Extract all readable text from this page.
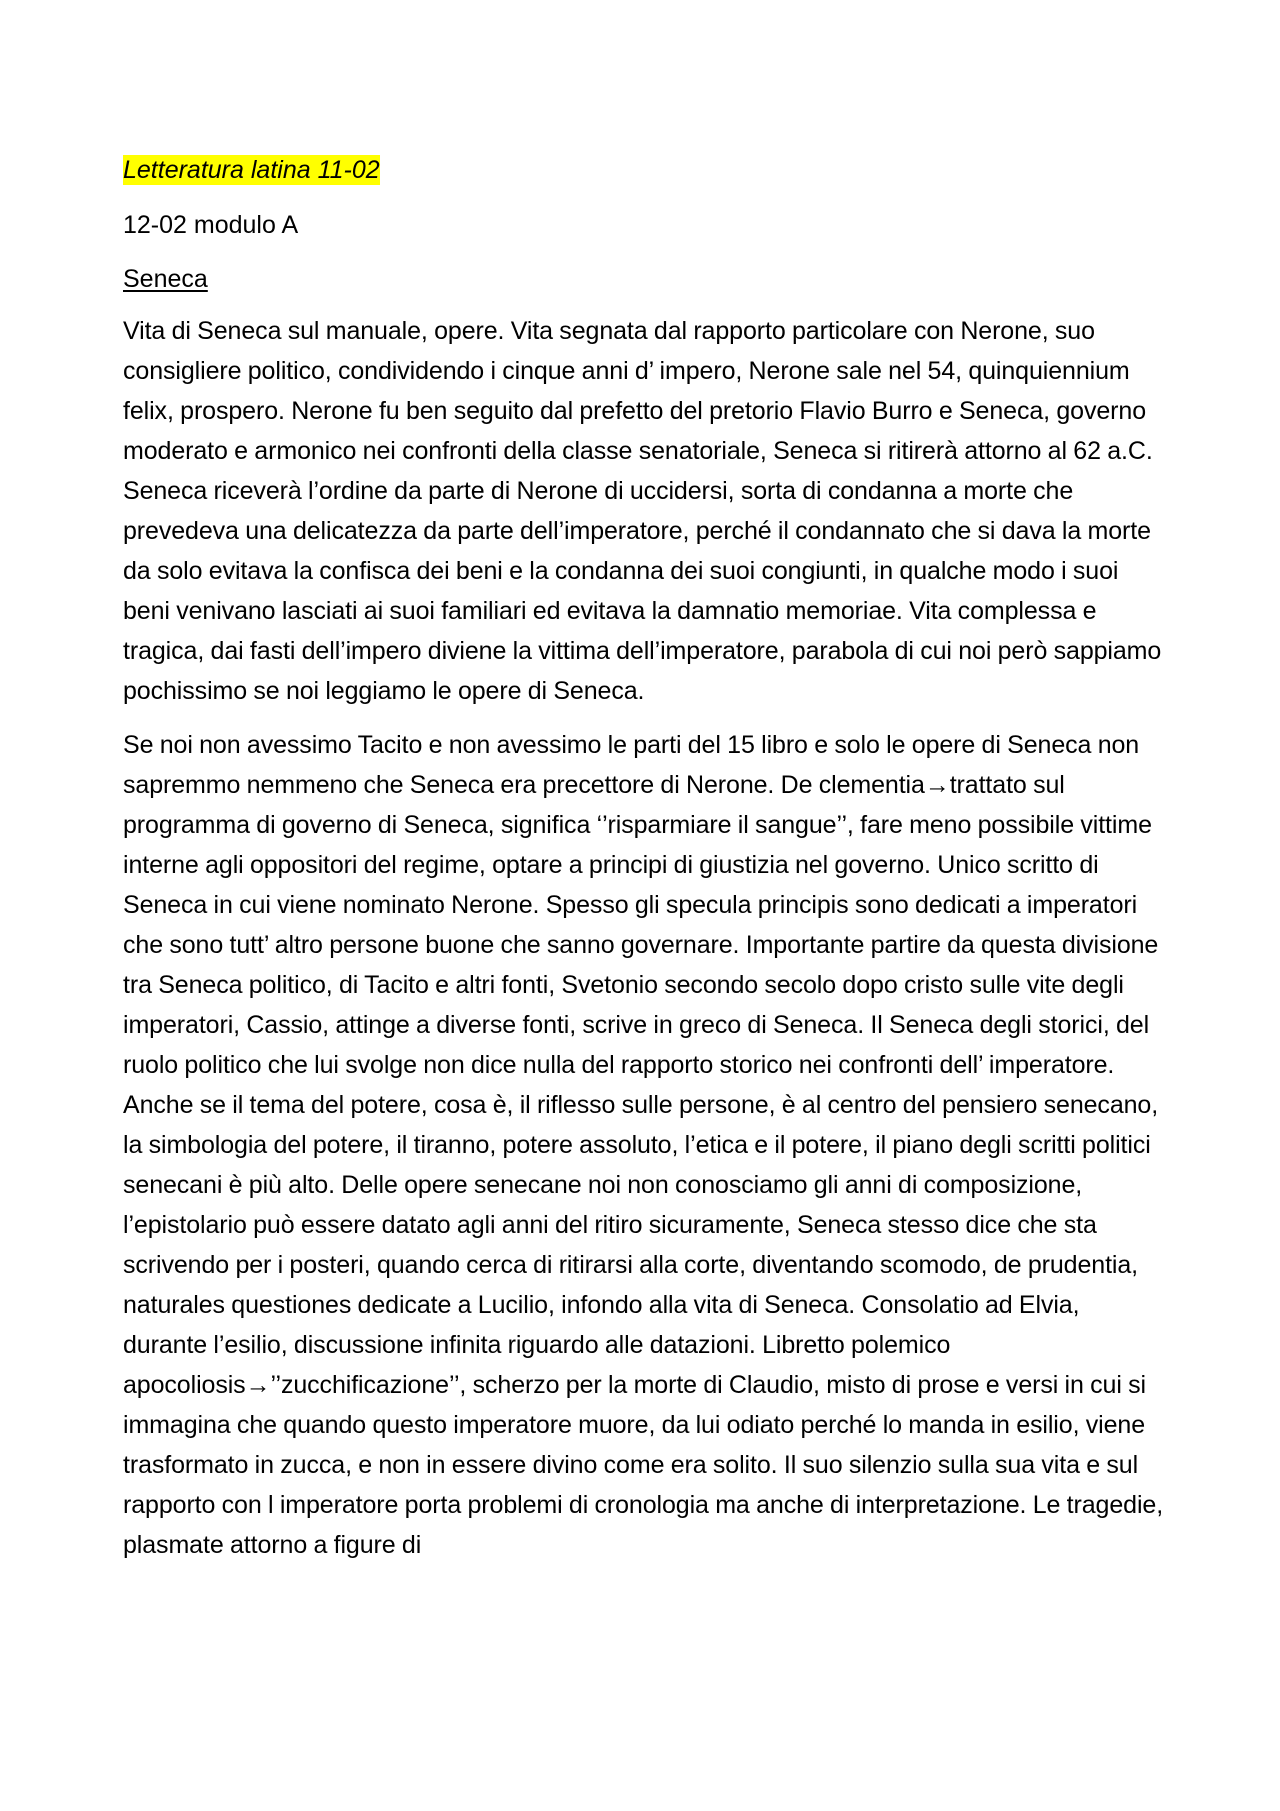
Letteratura latina 11-02

12-02 modulo A

Seneca

Vita di Seneca sul manuale, opere. Vita segnata dal rapporto particolare con Nerone, suo consigliere politico, condividendo i cinque anni d’ impero, Nerone sale nel 54, quinquiennium felix, prospero. Nerone fu ben seguito dal prefetto del pretorio Flavio Burro e Seneca, governo moderato e armonico nei confronti della classe senatoriale, Seneca si ritirerà attorno al 62 a.C. Seneca riceverà l’ordine da parte di Nerone di uccidersi, sorta di condanna a morte che prevedeva una delicatezza da parte dell’imperatore, perché il condannato che si dava la morte da solo evitava la confisca dei beni e la condanna dei suoi congiunti, in qualche modo i suoi beni venivano lasciati ai suoi familiari ed evitava la damnatio memoriae. Vita complessa e tragica, dai fasti dell’impero diviene la vittima dell’imperatore, parabola di cui noi però sappiamo pochissimo se noi leggiamo le opere di Seneca.

Se noi non avessimo Tacito e non avessimo le parti del 15 libro e solo le opere di Seneca non sapremmo nemmeno che Seneca era precettore di Nerone. De clementia→trattato sul programma di governo di Seneca, significa ‘’risparmiare il sangue’’, fare meno possibile vittime interne agli oppositori del regime, optare a principi di giustizia nel governo. Unico scritto di Seneca in cui viene nominato Nerone. Spesso gli specula principis sono dedicati a imperatori che sono tutt’ altro persone buone che sanno governare. Importante partire da questa divisione tra Seneca politico, di Tacito e altri fonti, Svetonio secondo secolo dopo cristo sulle vite degli imperatori, Cassio, attinge a diverse fonti, scrive in greco di Seneca. Il Seneca degli storici, del ruolo politico che lui svolge non dice nulla del rapporto storico nei confronti dell’ imperatore. Anche se il tema del potere, cosa è, il riflesso sulle persone, è al centro del pensiero senecano, la simbologia del potere, il tiranno, potere assoluto, l’etica e il potere, il piano degli scritti politici senecani è più alto. Delle opere senecane noi non conosciamo gli anni di composizione, l’epistolario può essere datato agli anni del ritiro sicuramente, Seneca stesso dice che sta scrivendo per i posteri, quando cerca di ritirarsi alla corte, diventando scomodo, de prudentia, naturales questiones dedicate a Lucilio, infondo alla vita di Seneca. Consolatio ad Elvia, durante l’esilio, discussione infinita riguardo alle datazioni. Libretto polemico apocoliosis→’’zucchificazione’’, scherzo per la morte di Claudio, misto di prose e versi in cui si immagina che quando questo imperatore muore, da lui odiato perché lo manda in esilio, viene trasformato in zucca, e non in essere divino come era solito. Il suo silenzio sulla sua vita e sul rapporto con l imperatore porta problemi di cronologia ma anche di interpretazione. Le tragedie, plasmate attorno a figure di
